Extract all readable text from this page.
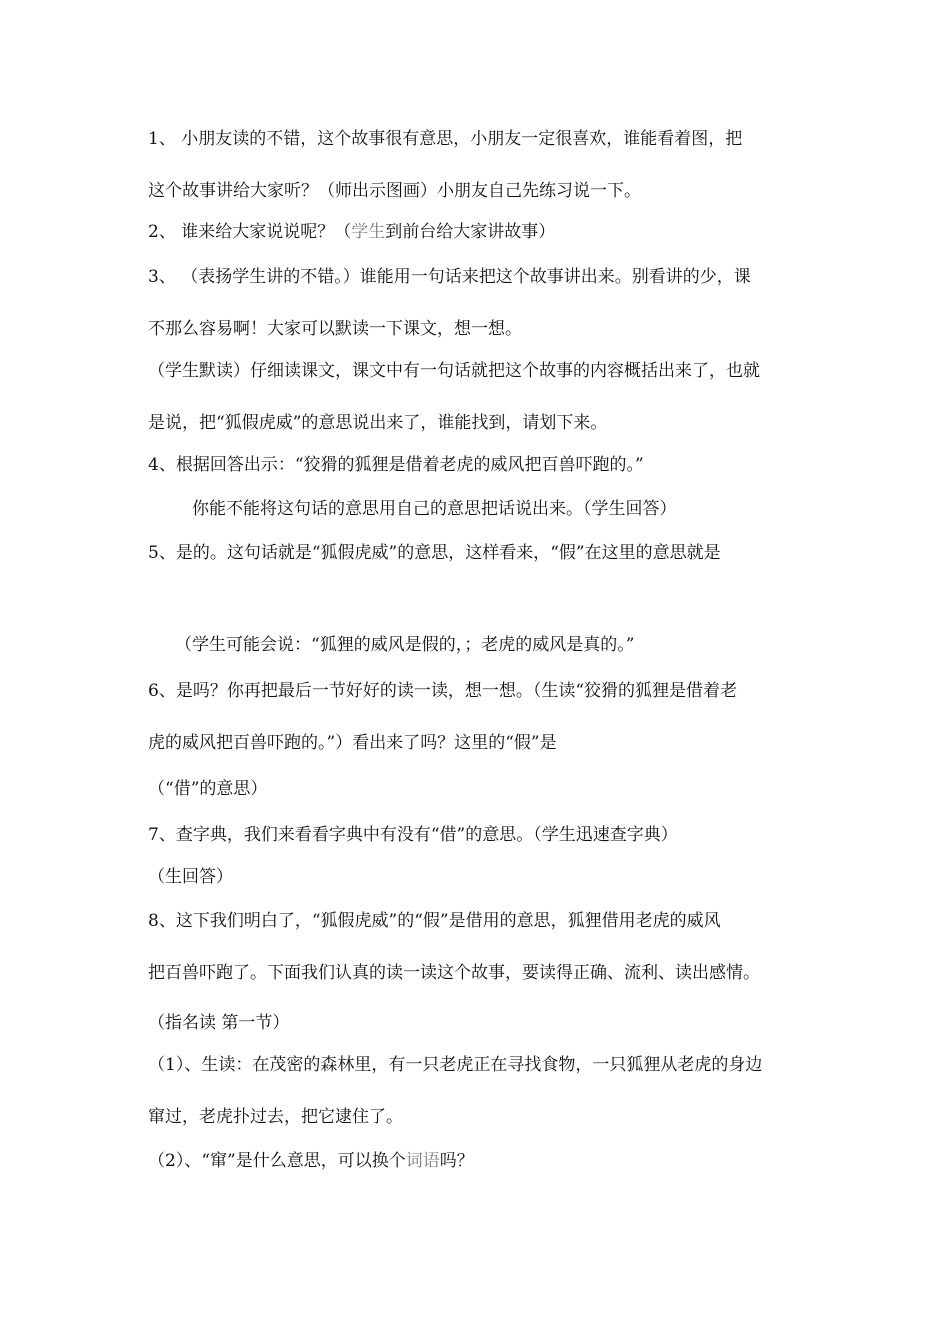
1、 小朋友读的不错，这个故事很有意思，小朋友一定很喜欢，谁能看着图，把
这个故事讲给大家听？（师出示图画）小朋友自己先练习说一下。
2、 谁来给大家说说呢？（学生到前台给大家讲故事）
3、 （表扬学生讲的不错。）谁能用一句话来把这个故事讲出来。别看讲的少，课
不那么容易啊！大家可以默读一下课文，想一想。
（学生默读）仔细读课文，课文中有一句话就把这个故事的内容概括出来了，也就
是说，把“狐假虎威”的意思说出来了，谁能找到，请划下来。
4、根据回答出示：“狡猾的狐狸是借着老虎的威风把百兽吓跑的。”
你能不能将这句话的意思用自己的意思把话说出来。（学生回答）
5、是的。这句话就是“狐假虎威”的意思，这样看来，“假”在这里的意思就是
（学生可能会说：“狐狸的威风是假的，；老虎的威风是真的。”
6、是吗？你再把最后一节好好的读一读，想一想。（生读“狡猾的狐狸是借着老
虎的威风把百兽吓跑的。”）看出来了吗？这里的“假”是
（“借”的意思）
7、查字典，我们来看看字典中有没有“借”的意思。（学生迅速查字典）
（生回答）
8、这下我们明白了，“狐假虎威”的“假”是借用的意思，狐狸借用老虎的威风
把百兽吓跑了。下面我们认真的读一读这个故事，要读得正确、流利、读出感情。
（指名读 第一节）
（1）、生读：在茂密的森林里，有一只老虎正在寻找食物，一只狐狸从老虎的身边
窜过，老虎扑过去，把它逮住了。
（2）、“窜”是什么意思，可以换个词语吗？
